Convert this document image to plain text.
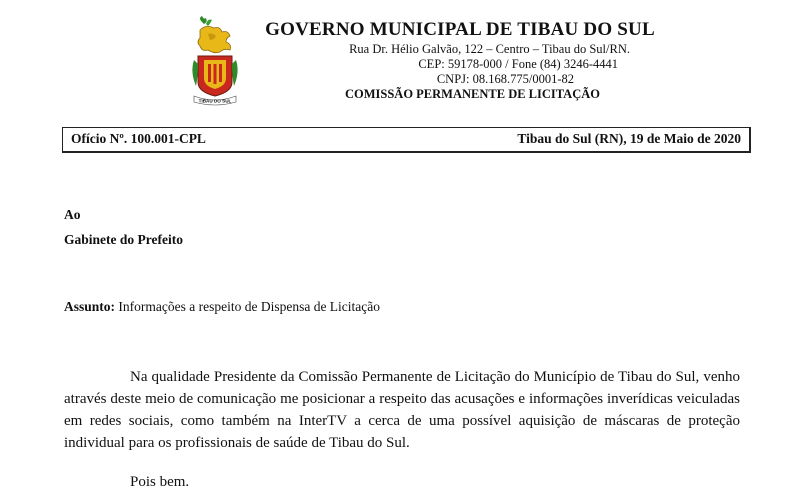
TIBAU DO SUL

GOVERNO MUNICIPAL DE TIBAU DO SUL

Rua Dr. Hélio Galvão, 122 – Centro – Tibau do Sul/RN.

CEP: 59178-000 / Fone (84) 3246-4441

CNPJ: 08.168.775/0001-82

COMISSÃO PERMANENTE DE LICITAÇÃO

Ofício Nº. 100.001-CPL	Tibau do Sul (RN), 19 de Maio de 2020
Ao
Gabinete do Prefeito
Assunto: Informações a respeito de Dispensa de Licitação

Na qualidade Presidente da Comissão Permanente de Licitação do Município de Tibau do Sul, venho através deste meio de comunicação me posicionar a respeito das acusações e informações inverídicas veiculadas em redes sociais, como também na InterTV a cerca de uma possível aquisição de máscaras de proteção individual para os profissionais de saúde de Tibau do Sul.

Pois bem.
